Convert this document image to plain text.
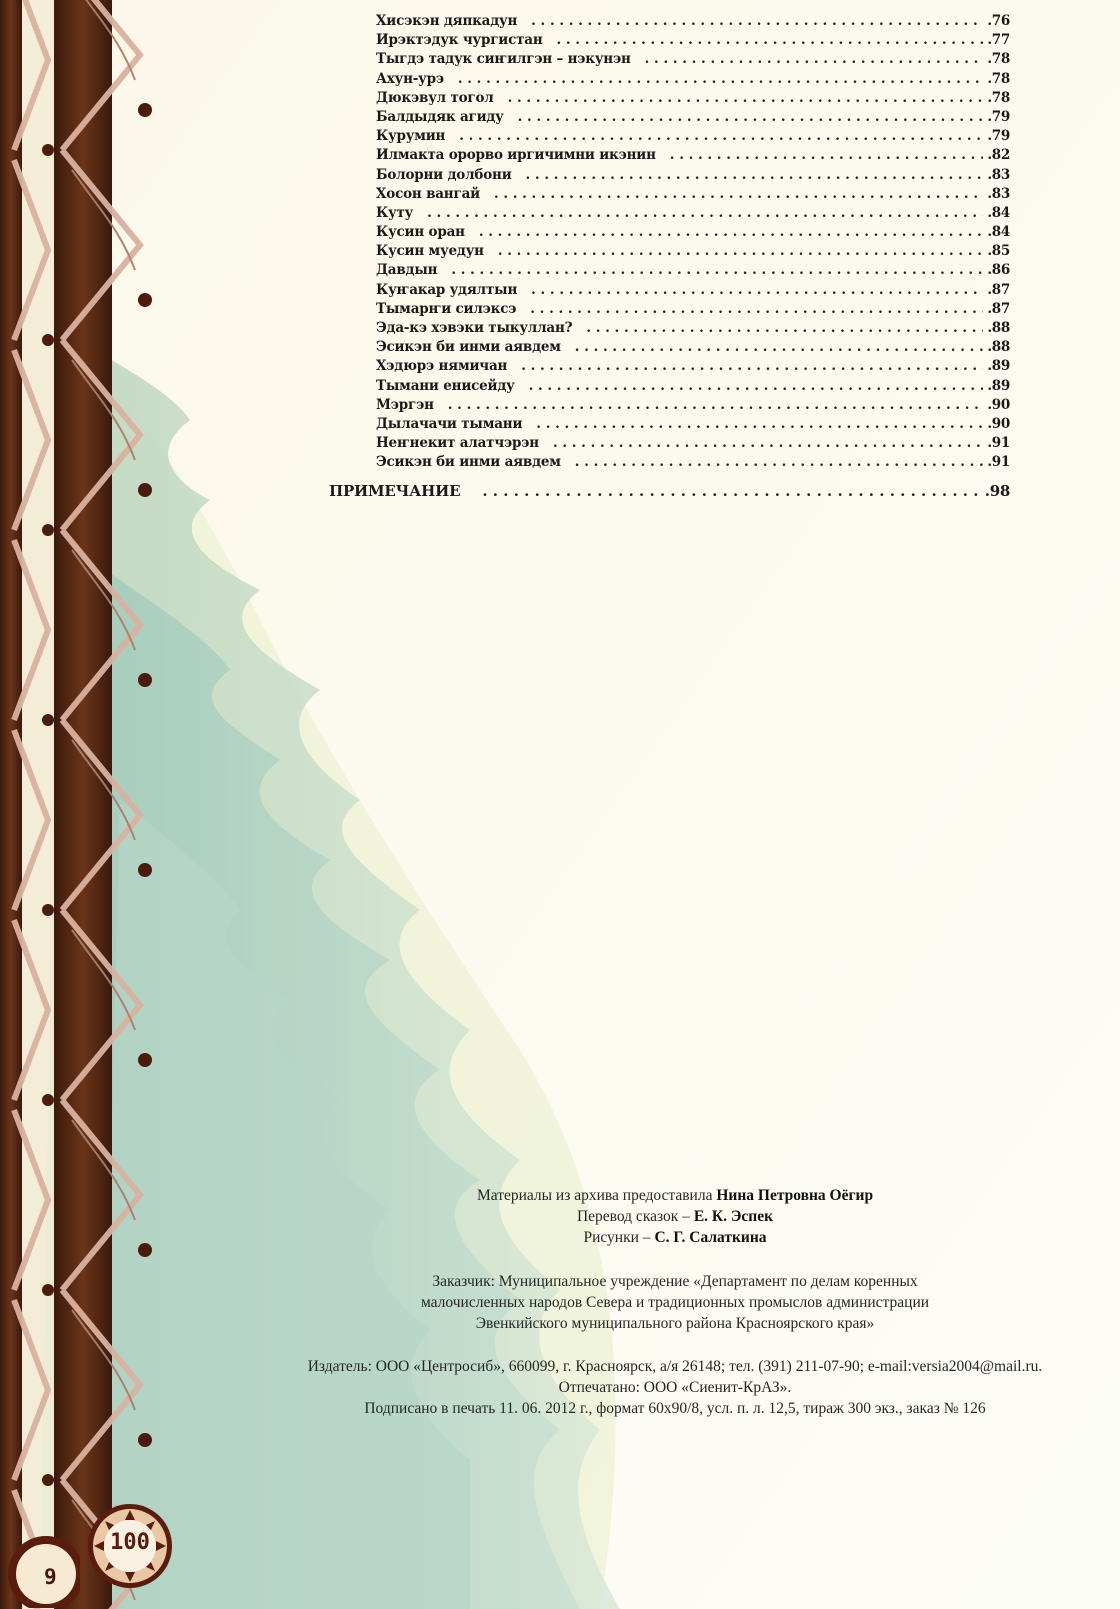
Хисэкэн дяпкадун . . .	.76
Ирэктэдук чургистан . . .	.77
Тыгдэ тадук сиҥилгэн – нэкунэн . . .	.78
Ахун-урэ . . .	.78
Дюкэвул тогол . . .	.78
Балдыдяк агиду . . .	.79
Курумин . . .	.79
Илмакта орорво иргичимни икэнин . . .	.82
Болорни долбони . . .	.83
Хосон вангай . . .	.83
Куту . . .	.84
Кусин оран . . .	.84
Кусин муедун . . .	.85
Давдын . . .	.86
Куҥакар удялтын . . .	.87
Тымарҥи силэксэ . . .	.87
Эда-кэ хэвэки тыкуллан? . . .	.88
Эсикэн би инми аявдем . . .	.88
Хэдюрэ нямичан . . .	.89
Тымани енисейду . . .	.89
Мэргэн . . .	.90
Дылачачи тымани . . .	.90
Неҥнекит алатчэрэн . . .	.91
Эсикэн би инми аявдем . . .	.91
ПРИМЕЧАНИЕ . . .	.98
Материалы из архива предоставила Нина Петровна Оёгир
Перевод сказок – Е. К. Эспек
Рисунки – С. Г. Салаткина
Заказчик: Муниципальное учреждение «Департамент по делам коренных
малочисленных народов Севера и традиционных промыслов администрации
Эвенкийского муниципального района Красноярского края»
Издатель: ООО «Центросиб», 660099, г. Красноярск, а/я 26148; тел. (391) 211-07-90; e-mail:versia2004@mail.ru.
Отпечатано: ООО «Сиенит-КрАЗ».
Подписано в печать 11. 06. 2012 г., формат 60х90/8, усл. п. л. 12,5, тираж 300 экз., заказ № 126
9
100
